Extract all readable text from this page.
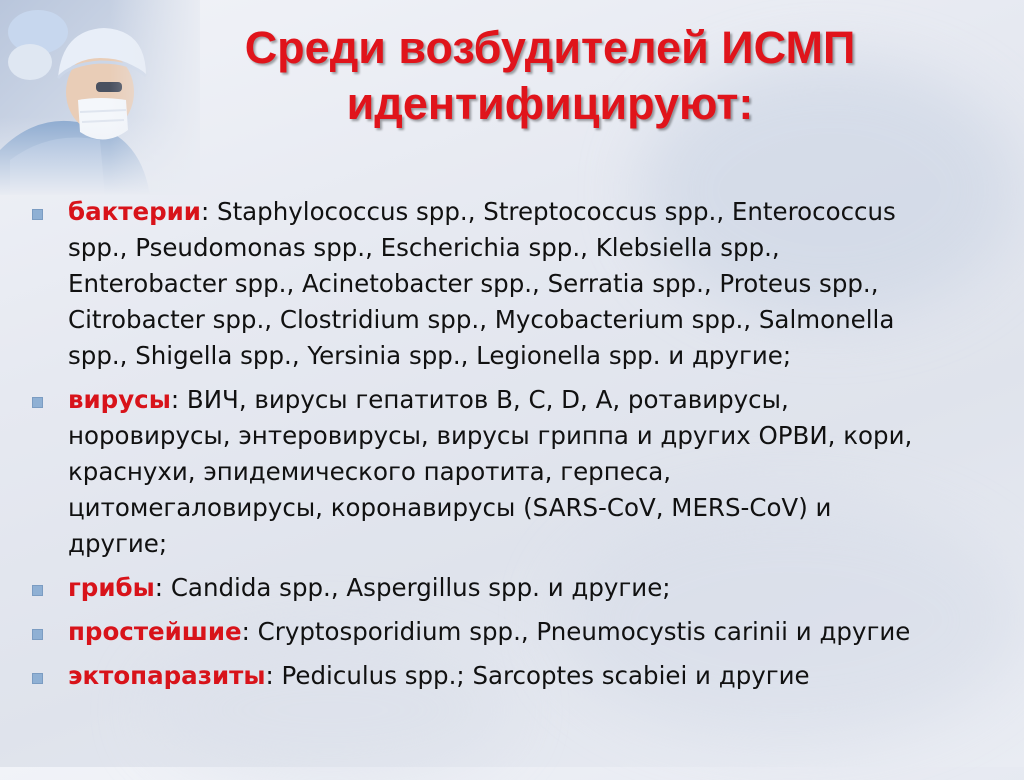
Среди возбудителей ИСМП
идентифицируют:
бактерии: Staphylococcus spp., Streptococcus spp., Enterococcus
spp., Pseudomonas spp., Escherichia spp., Klebsiella spp.,
Enterobacter spp., Acinetobacter spp., Serratia spp., Proteus spp.,
Citrobacter spp., Clostridium spp., Mycobacterium spp., Salmonella
spp., Shigella spp., Yersinia spp., Legionella spp. и другие;
вирусы: ВИЧ, вирусы гепатитов В, С, D, А, ротавирусы,
норовирусы, энтеровирусы, вирусы гриппа и других ОРВИ, кори,
краснухи, эпидемического паротита, герпеса,
цитомегаловирусы, коронавирусы (SARS-CoV, MERS-CoV) и
другие;
грибы: Candida spp., Aspergillus spp. и другие;
простейшие: Cryptosporidium spp., Pneumocystis carinii и другие
эктопаразиты: Pediculus spp.; Sarcoptes scabiei и другие
